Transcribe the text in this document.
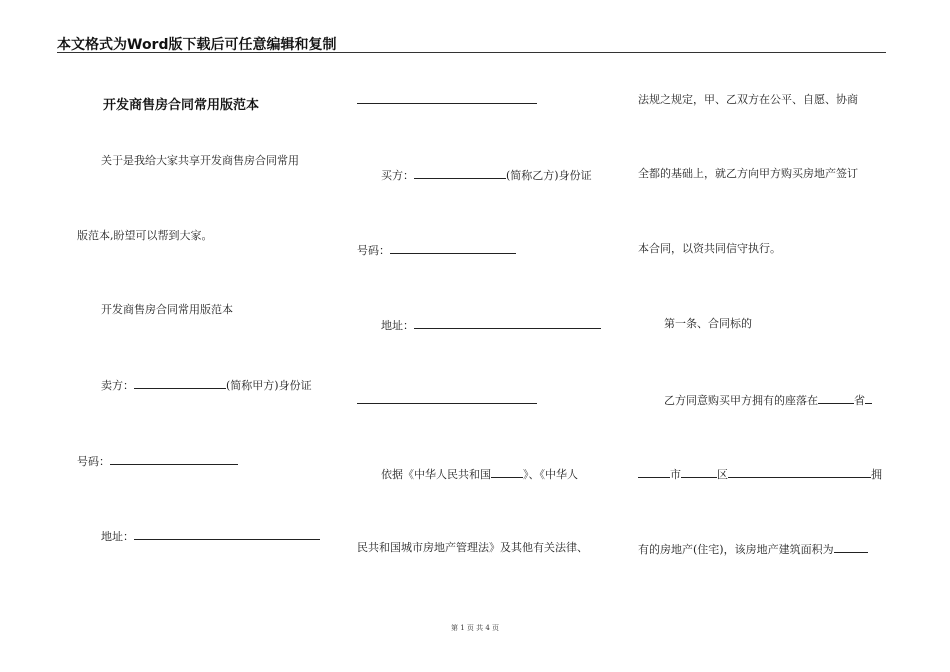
本文格式为Word版下载后可任意编辑和复制
开发商售房合同常用版范本
关于是我给大家共享开发商售房合同常用
版范本,盼望可以帮到大家。
开发商售房合同常用版范本
卖方：	(简称甲方)身份证
号码：
地址：
买方：	(简称乙方)身份证
号码：
地址：
依据《中华人民共和国	》、《中华人
民共和国城市房地产管理法》及其他有关法律、
法规之规定，甲、乙双方在公平、自愿、协商
全都的基础上，就乙方向甲方购买房地产签订
本合同，以资共同信守执行。
第一条、合同标的
乙方同意购买甲方拥有的座落在	省
市	区	拥
有的房地产(住宅)，该房地产建筑面积为
第 1 页 共 4 页
